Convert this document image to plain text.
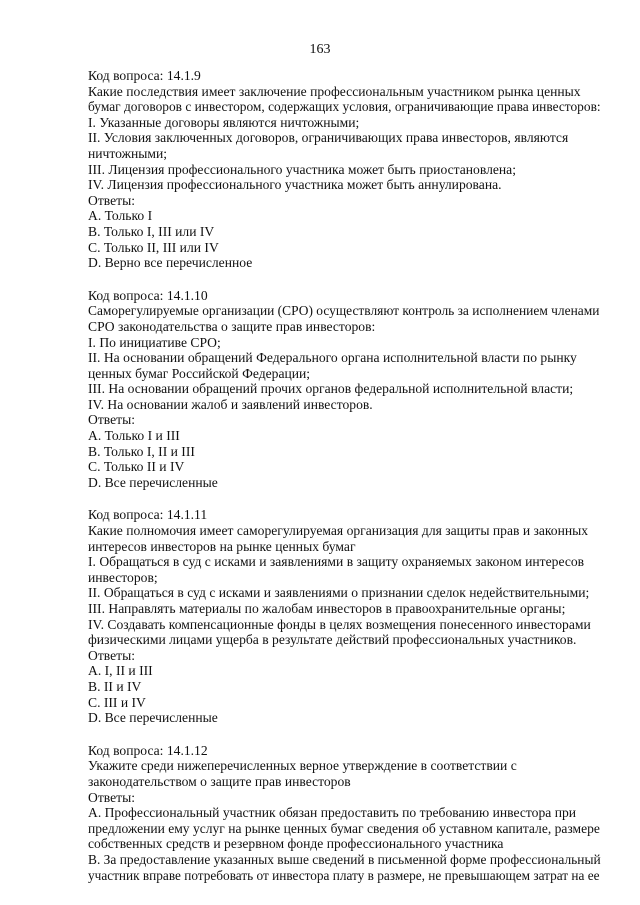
163
Код вопроса: 14.1.9
Какие последствия имеет заключение профессиональным участником рынка ценных
бумаг договоров с инвестором, содержащих условия, ограничивающие права инвесторов:
I. Указанные договоры являются ничтожными;
II. Условия заключенных договоров, ограничивающих права инвесторов, являются
ничтожными;
III. Лицензия профессионального участника может быть приостановлена;
IV. Лицензия профессионального участника может быть аннулирована.
Ответы:
A. Только I
B. Только I, III или IV
C. Только II, III или IV
D. Верно все перечисленное
Код вопроса: 14.1.10
Саморегулируемые организации (СРО) осуществляют контроль за исполнением членами
СРО законодательства о защите прав инвесторов:
I. По инициативе СРО;
II. На основании обращений Федерального органа исполнительной власти по рынку
ценных бумаг Российской Федерации;
III. На основании обращений прочих органов федеральной исполнительной власти;
IV. На основании жалоб и заявлений инвесторов.
Ответы:
A. Только I и III
B. Только I, II и III
C. Только II и IV
D. Все перечисленные
Код вопроса: 14.1.11
Какие полномочия имеет саморегулируемая организация для защиты прав и законных
интересов инвесторов на рынке ценных бумаг
I. Обращаться в суд с исками и заявлениями в защиту охраняемых законом интересов
инвесторов;
II. Обращаться в суд с исками и заявлениями о признании сделок недействительными;
III. Направлять материалы по жалобам инвесторов в правоохранительные органы;
IV. Создавать компенсационные фонды в целях возмещения понесенного инвесторами
физическими лицами ущерба в результате действий профессиональных участников.
Ответы:
A. I, II и III
B. II и IV
C. III и IV
D. Все перечисленные
Код вопроса: 14.1.12
Укажите среди нижеперечисленных верное утверждение в соответствии с
законодательством о защите прав инвесторов
Ответы:
A. Профессиональный участник обязан предоставить по требованию инвестора при
предложении ему услуг на рынке ценных бумаг сведения об уставном капитале, размере
собственных средств и резервном фонде профессионального участника
B. За предоставление указанных выше сведений в письменной форме профессиональный
участник вправе потребовать от инвестора плату в размере, не превышающем затрат на ее
